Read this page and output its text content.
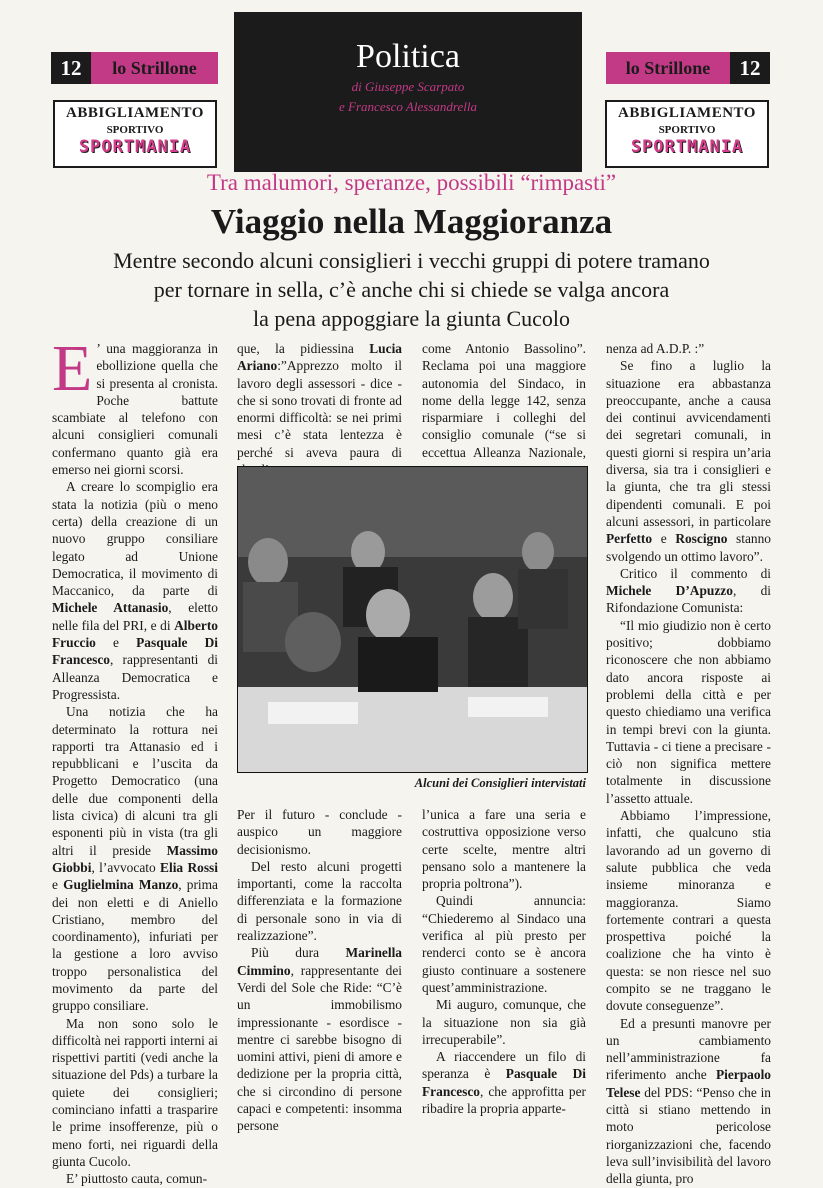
12	lo Strillone
ABBIGLIAMENTO
SPORTIVO
SPORTMANIA
lo Strillone	12
ABBIGLIAMENTO
SPORTIVO
SPORTMANIA
Politica
di Giuseppe Scarpato
e Francesco Alessandrella
Tra malumori, speranze, possibili “rimpasti”
Viaggio nella Maggioranza
Mentre secondo alcuni consiglieri i vecchi gruppi di potere tramano
per tornare in sella, c’è anche chi si chiede se valga ancora
la pena appoggiare la giunta Cucolo

E ’ una maggioranza in ebollizione quella che si presenta al cronista. Poche battute scambiate al telefono con alcuni consiglieri comunali confermano quanto già era emerso nei giorni scorsi.

A creare lo scompiglio era stata la notizia (più o meno certa) della creazione di un nuovo gruppo consiliare legato ad Unione Democratica, il movimento di Maccanico, da parte di Michele Attanasio, eletto nelle fila del PRI, e di Alberto Fruccio e Pasquale Di Francesco, rappresentanti di Alleanza Democratica e Progressista.

Una notizia che ha determinato la rottura nei rapporti tra Attanasio ed i repubblicani e l’uscita da Progetto Democratico (una delle due componenti della lista civica) di alcuni tra gli esponenti più in vista (tra gli altri il preside Massimo Giobbi, l’avvocato Elia Rossi e Guglielmina Manzo, prima dei non eletti e di Aniello Cristiano, membro del coordinamento), infuriati per la gestione a loro avviso troppo personalistica del movimento da parte del gruppo consiliare.

Ma non sono solo le difficoltà nei rapporti interni ai rispettivi partiti (vedi anche la situazione del Pds) a turbare la quiete dei consiglieri; cominciano infatti a trasparire le prime insofferenze, più o meno forti, nei riguardi della giunta Cucolo.

E’ piuttosto cauta, comun-

que, la pidiessina Lucia Ariano:”Apprezzo molto il lavoro degli assessori - dice - che si sono trovati di fronte ad enormi difficoltà: se nei primi mesi c’è stata lentezza è perché si aveva paura di

come Antonio Bassolino”. Reclama poi una maggiore autonomia del Sindaco, in nome della legge 142, senza risparmiare i colleghi del consiglio comunale (“se si eccettua Alleanza Nazionale,

Alcuni dei Consiglieri intervistati

Per il futuro - conclude - auspico un maggiore decisionismo.

Del resto alcuni progetti importanti, come la raccolta differenziata e la formazione di personale sono in via di realizzazione”.

Più dura Marinella Cimmino, rappresentante dei Verdi del Sole che Ride: “C’è un immobilismo impressionante - esordisce - mentre ci sarebbe bisogno di uomini attivi, pieni di amore e dedizione per la propria città, che si circondino di persone capaci e competenti: insomma persone

l’unica a fare una seria e costruttiva opposizione verso certe scelte, mentre altri pensano solo a mantenere la propria poltrona”).

Quindi annuncia: “Chiederemo al Sindaco una verifica al più presto per renderci conto se è ancora giusto continuare a sostenere quest’amministrazione.

Mi auguro, comunque, che la situazione non sia già irrecuperabile”.

A riaccendere un filo di speranza è Pasquale Di Francesco, che approfitta per ribadire la propria apparte-

nenza ad A.D.P. :”

Se fino a luglio la situazione era abbastanza preoccupante, anche a causa dei continui avvicendamenti dei segretari comunali, in questi giorni si respira un’aria diversa, sia tra i consiglieri e la giunta, che tra gli stessi dipendenti comunali. E poi alcuni assessori, in particolare Perfetto e Roscigno stanno svolgendo un ottimo lavoro”.

Critico il commento di Michele D’Apuzzo, di Rifondazione Comunista:

“Il mio giudizio non è certo positivo; dobbiamo riconoscere che non abbiamo dato ancora risposte ai problemi della città e per questo chiediamo una verifica in tempi brevi con la giunta. Tuttavia - ci tiene a precisare - ciò non significa mettere totalmente in discussione l’assetto attuale.

Abbiamo l’impressione, infatti, che qualcuno stia lavorando ad un governo di salute pubblica che veda insieme minoranza e maggioranza. Siamo fortemente contrari a questa prospettiva poiché la coalizione che ha vinto è questa: se non riesce nel suo compito se ne traggano le dovute conseguenze”.

Ed a presunti manovre per un cambiamento nell’amministrazione fa riferimento anche Pierpaolo Telese del PDS: “Penso che in città si stiano mettendo in moto pericolose riorganizzazioni che, facendo leva sull’invisibilità del lavoro della giunta, pro
